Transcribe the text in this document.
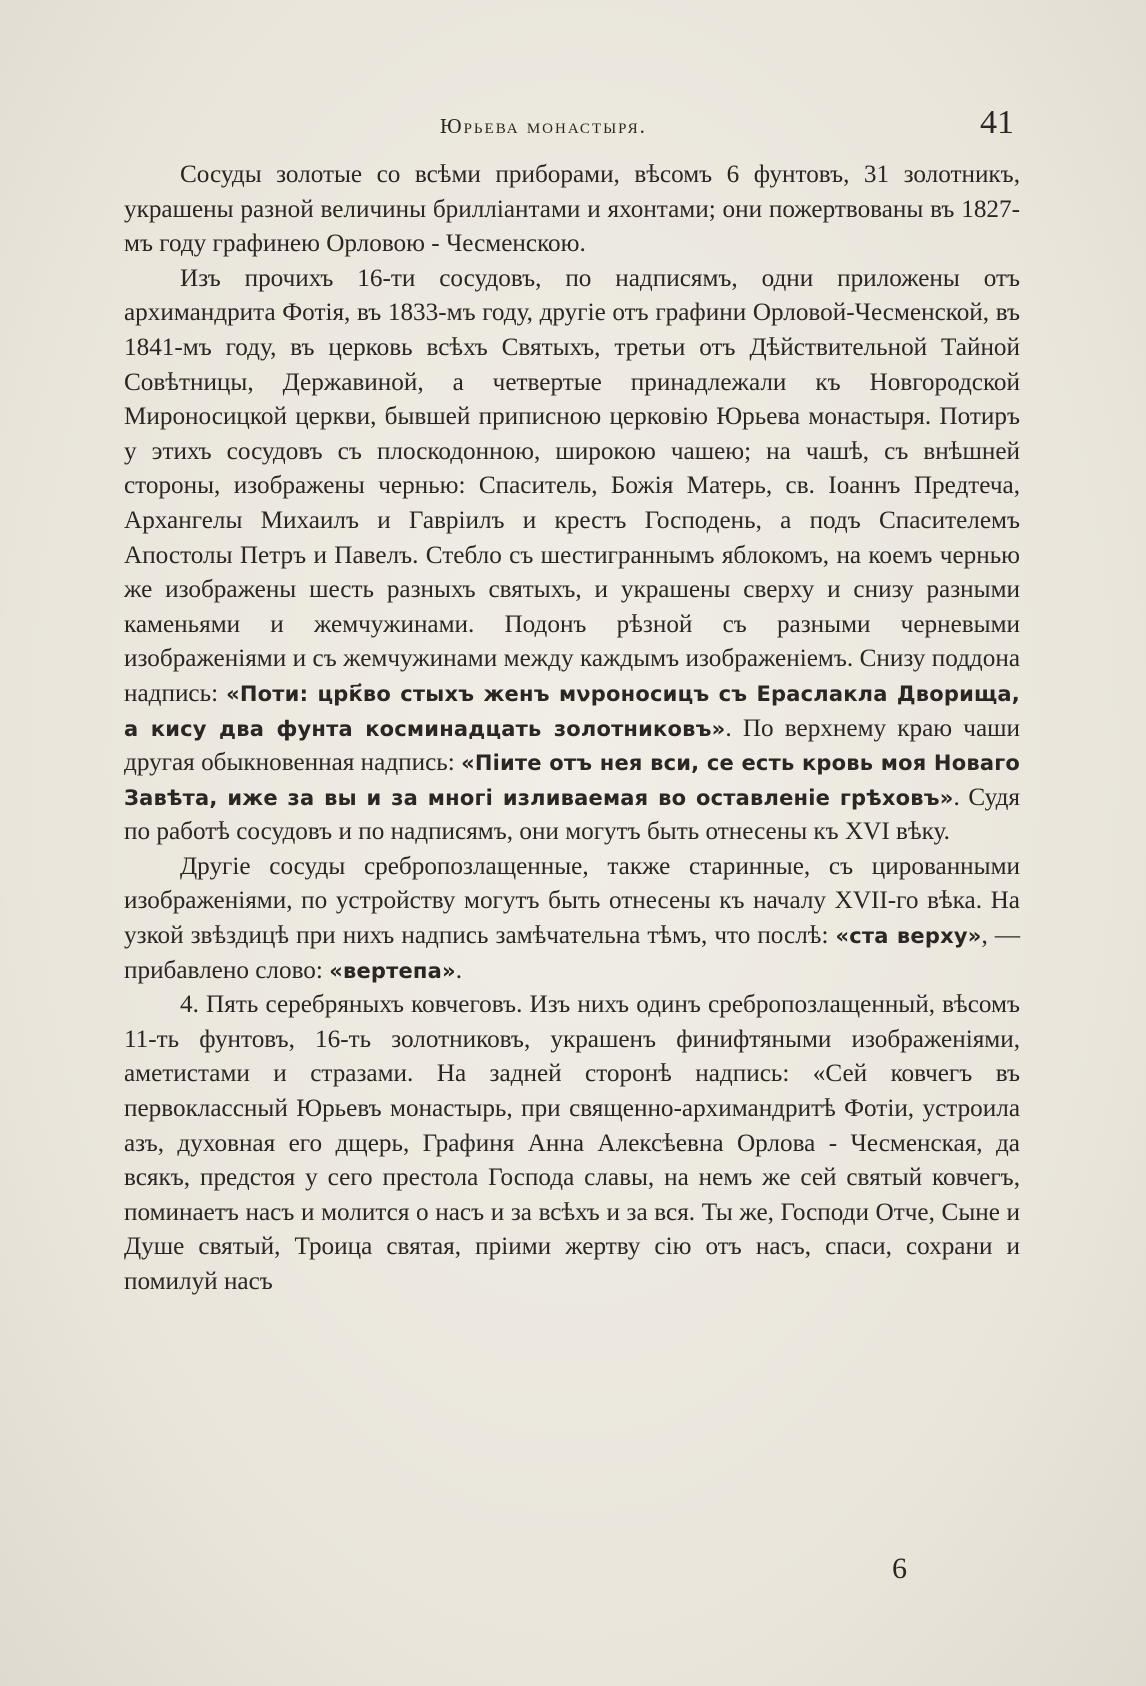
Юрьева монастыря.	41

Сосуды золотые со всѣми приборами, вѣсомъ 6 фунтовъ, 31 золотникъ, украшены разной величины бриллiантами и яхонтами; они пожертвованы въ 1827-мъ году графинею Орловою - Чесменскою.

Изъ прочихъ 16-ти сосудовъ, по надписямъ, одни приложены отъ архимандрита Фотiя, въ 1833-мъ году, другiе отъ графини Орловой-Чесменской, въ 1841-мъ году, въ церковь всѣхъ Святыхъ, третьи отъ Дѣйствительной Тайной Совѣтницы, Державиной, а четвертые принадлежали къ Новгородской Мироносицкой церкви, бывшей приписною церковiю Юрьева монастыря. Потиръ у этихъ сосудовъ съ плоскодонною, широкою чашею; на чашѣ, съ внѣшней стороны, изображены чернью: Спаситель, Божiя Матерь, св. Iоаннъ Предтеча, Архангелы Михаилъ и Гаврiилъ и крестъ Господень, а подъ Спасителемъ Апостолы Петръ и Павелъ. Стебло съ шестиграннымъ яблокомъ, на коемъ чернью же изображены шесть разныхъ святыхъ, и украшены сверху и снизу разными каменьями и жемчужинами. Подонъ рѣзной съ разными черневыми изображенiями и съ жемчужинами между каждымъ изображенiемъ. Снизу поддона надпись: «Поти: црк҃во стыхъ женъ мνроносицъ съ Ераслакла Дворища, а кису два фунта косминадцать золотниковъ». По верхнему краю чаши другая обыкновенная надпись: «Пiите отъ нея вси, се есть кровь моя Новаго Завѣта, иже за вы и за многi изливаемая во оставленiе грѣховъ». Судя по работѣ сосудовъ и по надписямъ, они могутъ быть отнесены къ XVI вѣку.

Другiе сосуды сребропозлащенные, также старинные, съ цированными изображенiями, по устройству могутъ быть отнесены къ началу XVII-го вѣка. На узкой звѣздицѣ при нихъ надпись замѣчательна тѣмъ, что послѣ: «ста верху», — прибавлено слово: «вертепа».

4. Пять серебряныхъ ковчеговъ. Изъ нихъ одинъ сребропозлащенный, вѣсомъ 11-ть фунтовъ, 16-ть золотниковъ, украшенъ финифтяными изображенiями, аметистами и стразами. На задней сторонѣ надпись: «Сей ковчегъ въ первоклассный Юрьевъ монастырь, при священно-архимандритѣ Фотiи, устроила азъ, духовная его дщерь, Графиня Анна Алексѣевна Орлова - Чесменская, да всякъ, предстоя у сего престола Господа славы, на немъ же сей святый ковчегъ, поминаетъ насъ и молится о насъ и за всѣхъ и за вся. Ты же, Господи Отче, Сыне и Душе святый, Троица святая, прiими жертву сiю отъ насъ, спаси, сохрани и помилуй насъ

6
